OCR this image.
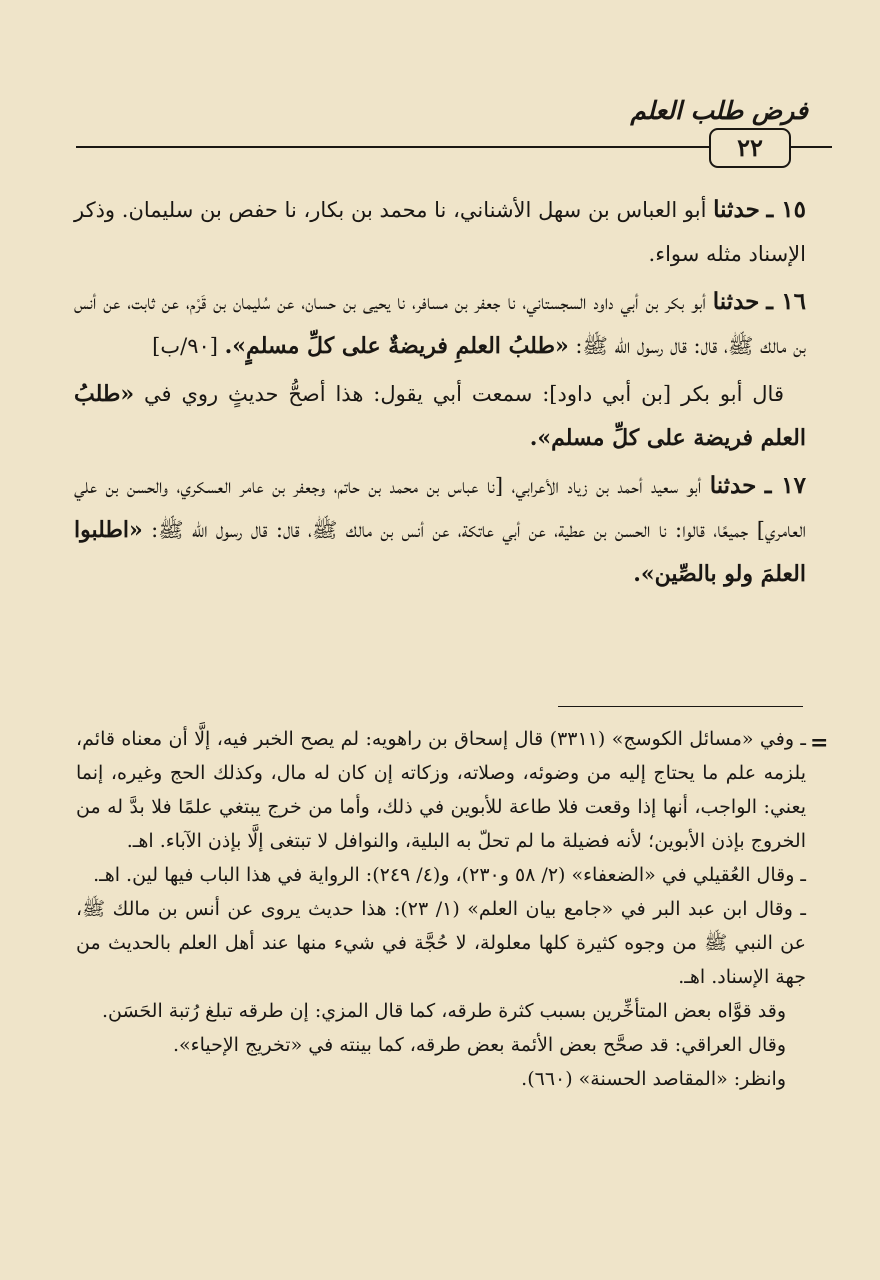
فرض طلب العلم
٢٢

١٥ ـ حدثنا أبو العباس بن سهل الأشناني، نا محمد بن بكار، نا حفص بن سليمان. وذكر الإسناد مثله سواء.

١٦ ـ حدثنا أبو بكر بن أبي داود السجستاني، نا جعفر بن مسافر، نا يحيى بن حسان، عن سُليمان بن قَرْم، عن ثابت، عن أنس بن مالك ﷺ، قال: قال رسول الله ﷺ: «طلبُ العلمِ فريضةٌ على كلِّ مسلمٍ». [٩٠/ب]

قال أبو بكر [بن أبي داود]: سمعت أبي يقول: هذا أصحُّ حديثٍ روي في «طلبُ العلم فريضة على كلِّ مسلم».

١٧ ـ حدثنا أبو سعيد أحمد بن زياد الأعرابي، [نا عباس بن محمد بن حاتم، وجعفر بن عامر العسكري، والحسن بن علي العامري] جميعًا، قالوا: نا الحسن بن عطية، عن أبي عاتكة، عن أنس بن مالك ﷺ، قال: قال رسول الله ﷺ: «اطلبوا العلمَ ولو بالصِّين».

=

ـ وفي «مسائل الكوسج» (٣٣١١) قال إسحاق بن راهويه: لم يصح الخبر فيه، إلَّا أن معناه قائم، يلزمه علم ما يحتاج إليه من وضوئه، وصلاته، وزكاته إن كان له مال، وكذلك الحج وغيره، إنما يعني: الواجب، أنها إذا وقعت فلا طاعة للأبوين في ذلك، وأما من خرج يبتغي علمًا فلا بدَّ له من الخروج بإذن الأبوين؛ لأنه فضيلة ما لم تحلّ به البلية، والنوافل لا تبتغى إلَّا بإذن الآباء. اهـ.

ـ وقال العُقيلي في «الضعفاء» (٢/ ٥٨ و٢٣٠)، و(٤/ ٢٤٩): الرواية في هذا الباب فيها لين. اهـ.

ـ وقال ابن عبد البر في «جامع بيان العلم» (١/ ٢٣): هذا حديث يروى عن أنس بن مالك ﷺ، عن النبي ﷺ من وجوه كثيرة كلها معلولة، لا حُجَّة في شيء منها عند أهل العلم بالحديث من جهة الإسناد. اهـ.

وقد قوَّاه بعض المتأخِّرين بسبب كثرة طرقه، كما قال المزي: إن طرقه تبلغ رُتبة الحَسَن.

وقال العراقي: قد صحَّح بعض الأئمة بعض طرقه، كما بينته في «تخريج الإحياء».

وانظر: «المقاصد الحسنة» (٦٦٠).
